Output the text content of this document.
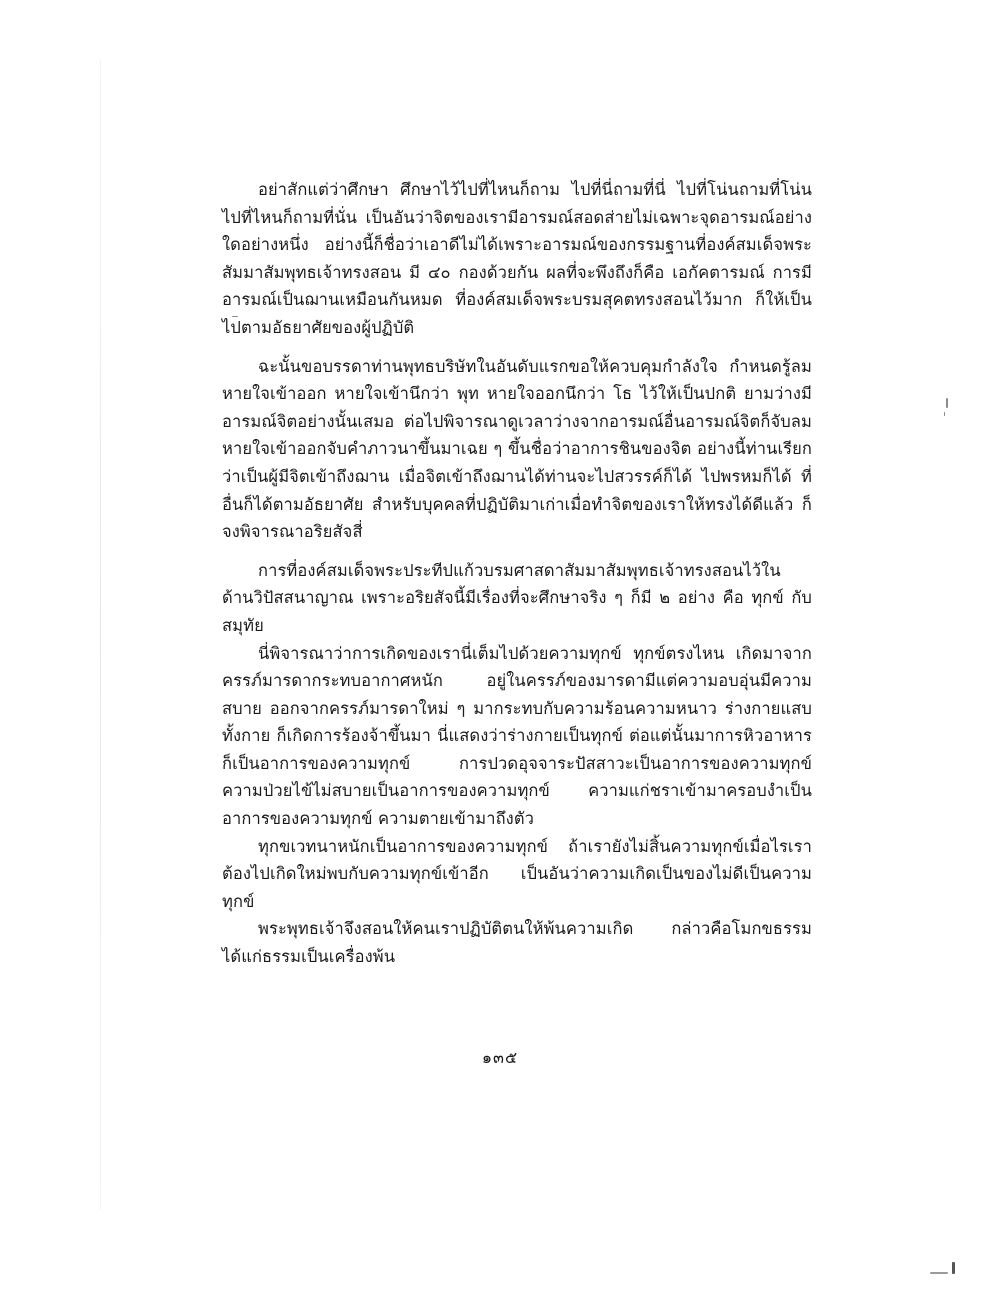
อย่าสักแต่ว่าศึกษา ศึกษาไว้ไปที่ไหนก็ถาม ไปที่นี่ถามที่นี่ ไปที่โน่นถามที่โน่น ไปที่ไหนก็ถามที่นั่น เป็นอันว่าจิตของเรามีอารมณ์สอดส่ายไม่เฉพาะจุดอารมณ์อย่างใดอย่างหนึ่ง อย่างนี้ก็ชื่อว่าเอาดีไม่ได้เพราะอารมณ์ของกรรมฐานที่องค์สมเด็จพระสัมมาสัมพุทธเจ้าทรงสอน มี ๔๐ กองด้วยกัน ผลที่จะพึงถึงก็คือ เอกัคตารมณ์ การมีอารมณ์เป็นฌานเหมือนกันหมด ที่องค์สมเด็จพระบรมสุคตทรงสอนไว้มาก ก็ให้เป็นไปตามอัธยาศัยของผู้ปฏิบัติ

ฉะนั้นขอบรรดาท่านพุทธบริษัทในอันดับแรกขอให้ควบคุมกำลังใจ กำหนดรู้ลมหายใจเข้าออก หายใจเข้านึกว่า พุท หายใจออกนึกว่า โธ ไว้ให้เป็นปกติ ยามว่างมีอารมณ์จิตอย่างนั้นเสมอ ต่อไปพิจารณาดูเวลาว่างจากอารมณ์อื่นอารมณ์จิตก็จับลมหายใจเข้าออกจับคำภาวนาขึ้นมาเฉย ๆ ขึ้นชื่อว่าอาการชินของจิต อย่างนี้ท่านเรียกว่าเป็นผู้มีจิตเข้าถึงฌาน เมื่อจิตเข้าถึงฌานได้ท่านจะไปสวรรค์ก็ได้ ไปพรหมก็ได้ ที่อื่นก็ได้ตามอัธยาศัย สำหรับบุคคลที่ปฏิบัติมาเก่าเมื่อทำจิตของเราให้ทรงได้ดีแล้ว ก็จงพิจารณาอริยสัจสี่

การที่องค์สมเด็จพระประทีปแก้วบรมศาสดาสัมมาสัมพุทธเจ้าทรงสอนไว้ในด้านวิปัสสนาญาณ เพราะอริยสัจนี้มีเรื่องที่จะศึกษาจริง ๆ ก็มี ๒ อย่าง คือ ทุกข์ กับสมุทัย

นี่พิจารณาว่าการเกิดของเรานี่เต็มไปด้วยความทุกข์ ทุกข์ตรงไหน เกิดมาจากครรภ์มารดากระทบอากาศหนัก อยู่ในครรภ์ของมารดามีแต่ความอบอุ่นมีความสบาย ออกจากครรภ์มารดาใหม่ ๆ มากระทบกับความร้อนความหนาว ร่างกายแสบทั้งกาย ก็เกิดการร้องจ้าขึ้นมา นี่แสดงว่าร่างกายเป็นทุกข์ ต่อแต่นั้นมาการหิวอาหารก็เป็นอาการของความทุกข์ การปวดอุจจาระปัสสาวะเป็นอาการของความทุกข์ ความป่วยไข้ไม่สบายเป็นอาการของความทุกข์ ความแก่ชราเข้ามาครอบงำเป็นอาการของความทุกข์ ความตายเข้ามาถึงตัว

ทุกขเวทนาหนักเป็นอาการของความทุกข์ ถ้าเรายังไม่สิ้นความทุกข์เมื่อไรเราต้องไปเกิดใหม่พบกับความทุกข์เข้าอีก เป็นอันว่าความเกิดเป็นของไม่ดีเป็นความทุกข์

พระพุทธเจ้าจึงสอนให้คนเราปฏิบัติตนให้พ้นความเกิด กล่าวคือโมกขธรรม ได้แก่ธรรมเป็นเครื่องพ้น

๑๓๕
